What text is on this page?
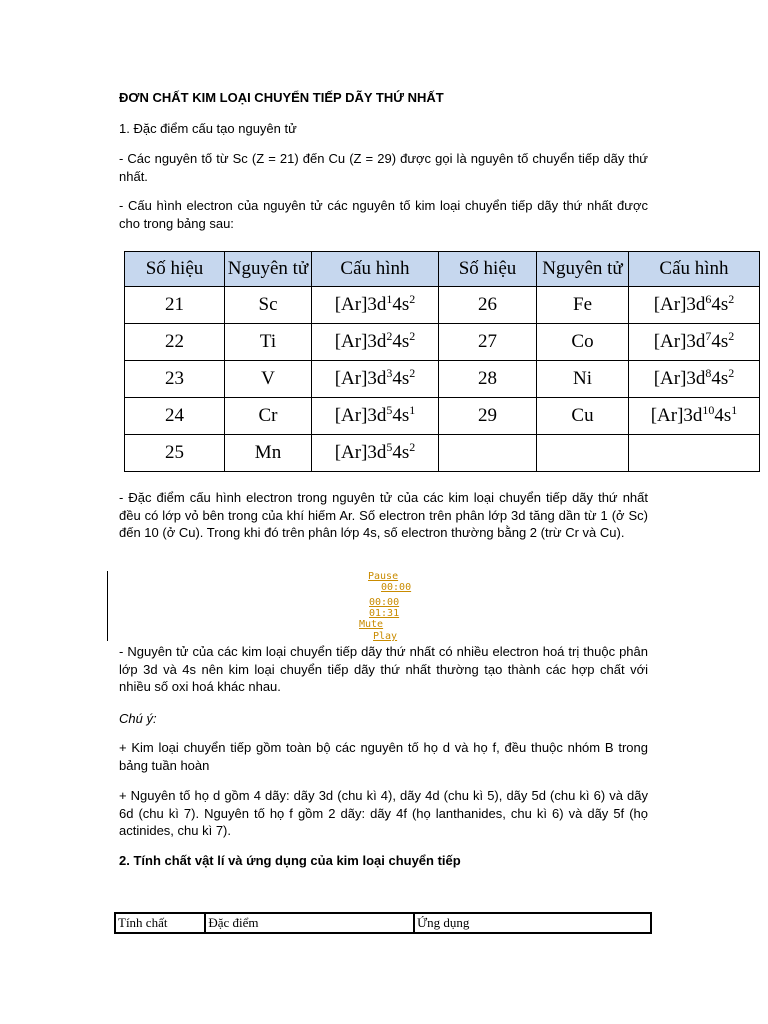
ĐƠN CHẤT KIM LOẠI CHUYỂN TIẾP DÃY THỨ NHẤT

1. Đặc điểm cấu tạo nguyên tử

- Các nguyên tố từ Sc (Z = 21) đến Cu (Z = 29) được gọi là nguyên tố chuyển tiếp dãy thứ nhất.

- Cấu hình electron của nguyên tử các nguyên tố kim loại chuyển tiếp dãy thứ nhất được cho trong bảng sau:

Số hiệu	Nguyên tử	Cấu hình	Số hiệu	Nguyên tử	Cấu hình
21	Sc	$[Ar]3d^14s^2$	26	Fe	$[Ar]3d^64s^2$
22	Ti	$[Ar]3d^24s^2$	27	Co	$[Ar]3d^74s^2$
23	V	$[Ar]3d^34s^2$	28	Ni	$[Ar]3d^84s^2$
24	Cr	$[Ar]3d^54s^1$	29	Cu	$[Ar]3d^{10}4s^1$
25	Mn	$[Ar]3d^54s^2$			

- Đặc điểm cấu hình electron trong nguyên tử của các kim loại chuyển tiếp dãy thứ nhất đều có lớp vỏ bên trong của khí hiếm Ar. Số electron trên phân lớp 3d tăng dần từ 1 (ở Sc) đến 10 (ở Cu). Trong khi đó trên phân lớp 4s, số electron thường bằng 2 (trừ Cr và Cu).

Pause
00:00
00:00
01:31
Mute
Play

- Nguyên tử của các kim loại chuyển tiếp dãy thứ nhất có nhiều electron hoá trị thuộc phân lớp 3d và 4s nên kim loại chuyển tiếp dãy thứ nhất thường tạo thành các hợp chất với nhiều số oxi hoá khác nhau.

Chú ý:

+ Kim loại chuyển tiếp gồm toàn bộ các nguyên tố họ d và họ f, đều thuộc nhóm B trong bảng tuần hoàn

+ Nguyên tố họ d gồm 4 dãy: dãy 3d (chu kì 4), dãy 4d (chu kì 5), dãy 5d (chu kì 6) và dãy 6d (chu kì 7). Nguyên tố họ f gồm 2 dãy: dãy 4f (họ lanthanides, chu kì 6) và dãy 5f (họ actinides, chu kì 7).

2. Tính chất vật lí và ứng dụng của kim loại chuyển tiếp

Tính chất	Đặc điểm	Ứng dụng
